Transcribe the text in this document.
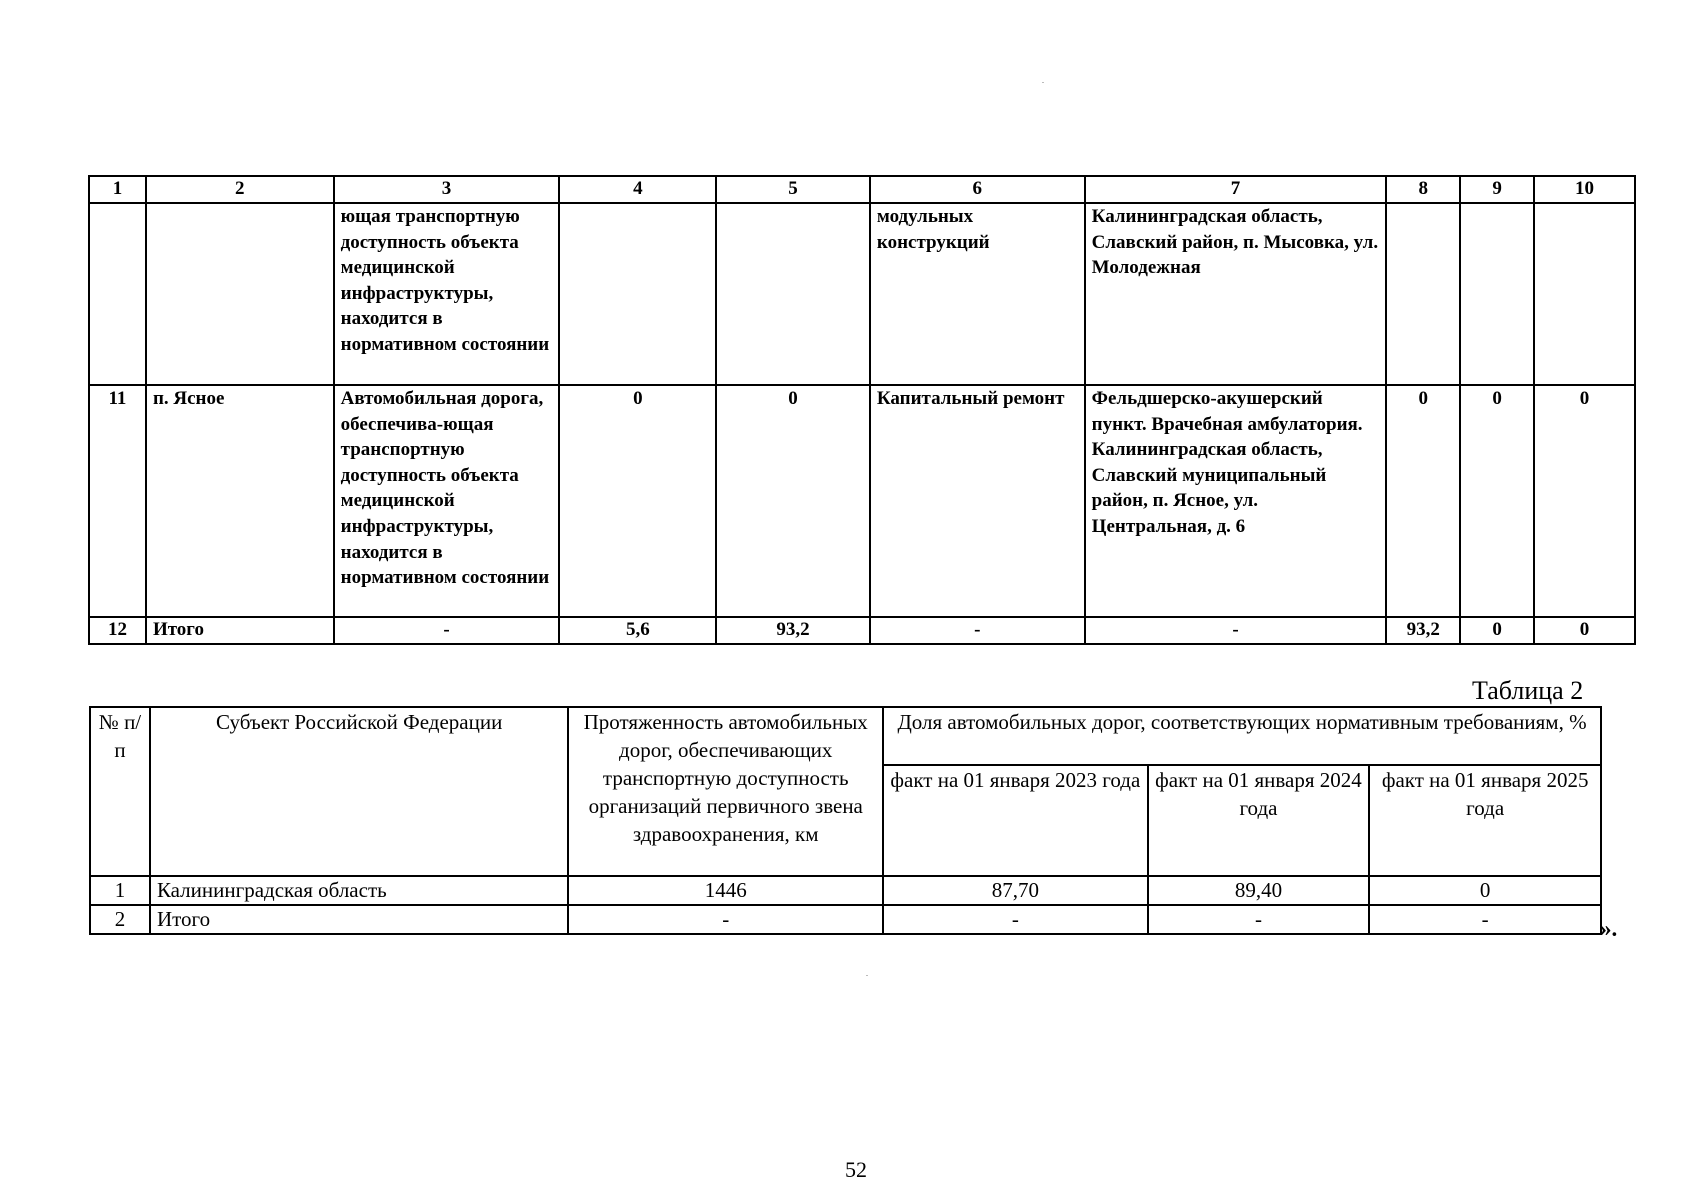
1	2	3	4	5	6	7	8	9	10
		ющая транспортную доступность объекта медицинской инфраструктуры, находится в нормативном состоянии			модульных конструкций	Калининградская область, Славский район, п. Мысовка, ул. Молодежная			
11	п. Ясное	Автомобильная дорога, обеспечива-ющая транспортную доступность объекта медицинской инфраструктуры, находится в нормативном состоянии	0	0	Капитальный ремонт	Фельдшерско-акушерский пункт. Врачебная амбулатория. Калининградская область, Славский муниципальный район, п. Ясное, ул. Центральная, д. 6	0	0	0
12	Итого	-	5,6	93,2	-	-	93,2	0	0
Таблица 2
№ п/п	Субъект Российской Федерации	Протяженность автомобильных дорог, обеспечивающих транспортную доступность организаций первичного звена здравоохранения, км	Доля автомобильных дорог, соответствующих нормативным требованиям, %		
			факт на 01 января 2023 года	факт на 01 января 2024 года	факт на 01 января 2025 года
1	Калининградская область	1446	87,70	89,40	0
2	Итого	-	-	-	-	».
52
